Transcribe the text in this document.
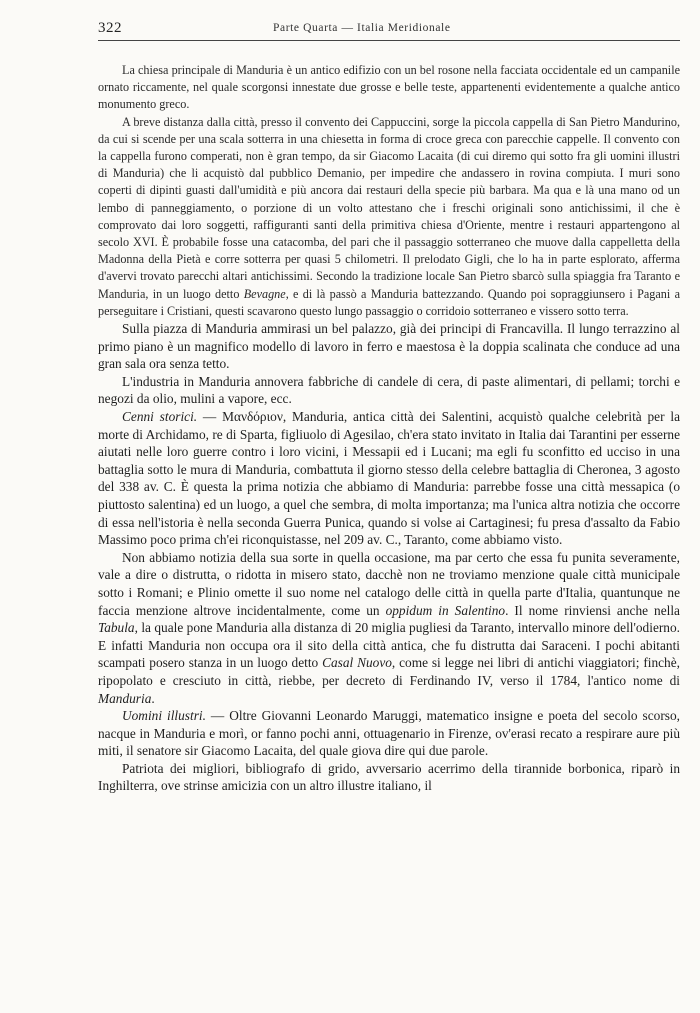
322	Parte Quarta — Italia Meridionale

La chiesa principale di Manduria è un antico edifizio con un bel rosone nella facciata occidentale ed un campanile ornato riccamente, nel quale scorgonsi innestate due grosse e belle teste, appartenenti evidentemente a qualche antico monumento greco.

A breve distanza dalla città, presso il convento dei Cappuccini, sorge la piccola cappella di San Pietro Mandurino, da cui si scende per una scala sotterra in una chiesetta in forma di croce greca con parecchie cappelle. Il convento con la cappella furono comperati, non è gran tempo, da sir Giacomo Lacaita (di cui diremo qui sotto fra gli uomini illustri di Manduria) che li acquistò dal pubblico Demanio, per impedire che andassero in rovina compiuta. I muri sono coperti di dipinti guasti dall'umidità e più ancora dai restauri della specie più barbara. Ma qua e là una mano od un lembo di panneggiamento, o porzione di un volto attestano che i freschi originali sono antichissimi, il che è comprovato dai loro soggetti, raffiguranti santi della primitiva chiesa d'Oriente, mentre i restauri appartengono al secolo XVI. È probabile fosse una catacomba, del pari che il passaggio sotterraneo che muove dalla cappelletta della Madonna della Pietà e corre sotterra per quasi 5 chilometri. Il prelodato Gigli, che lo ha in parte esplorato, afferma d'avervi trovato parecchi altari antichissimi. Secondo la tradizione locale San Pietro sbarcò sulla spiaggia fra Taranto e Manduria, in un luogo detto Bevagne, e di là passò a Manduria battezzando. Quando poi sopraggiunsero i Pagani a perseguitare i Cristiani, questi scavarono questo lungo passaggio o corridoio sotterraneo e vissero sotto terra.

Sulla piazza di Manduria ammirasi un bel palazzo, già dei principi di Francavilla. Il lungo terrazzino al primo piano è un magnifico modello di lavoro in ferro e maestosa è la doppia scalinata che conduce ad una gran sala ora senza tetto.

L'industria in Manduria annovera fabbriche di candele di cera, di paste alimentari, di pellami; torchi e negozi da olio, mulini a vapore, ecc.

Cenni storici. — Μανδόριον, Manduria, antica città dei Salentini, acquistò qualche celebrità per la morte di Archidamo, re di Sparta, figliuolo di Agesilao, ch'era stato invitato in Italia dai Tarantini per esserne aiutati nelle loro guerre contro i loro vicini, i Messapii ed i Lucani; ma egli fu sconfitto ed ucciso in una battaglia sotto le mura di Manduria, combattuta il giorno stesso della celebre battaglia di Cheronea, 3 agosto del 338 av. C. È questa la prima notizia che abbiamo di Manduria: parrebbe fosse una città messapica (o piuttosto salentina) ed un luogo, a quel che sembra, di molta importanza; ma l'unica altra notizia che occorre di essa nell'istoria è nella seconda Guerra Punica, quando si volse ai Cartaginesi; fu presa d'assalto da Fabio Massimo poco prima ch'ei riconquistasse, nel 209 av. C., Taranto, come abbiamo visto.

Non abbiamo notizia della sua sorte in quella occasione, ma par certo che essa fu punita severamente, vale a dire o distrutta, o ridotta in misero stato, dacchè non ne troviamo menzione quale città municipale sotto i Romani; e Plinio omette il suo nome nel catalogo delle città in quella parte d'Italia, quantunque ne faccia menzione altrove incidentalmente, come un oppidum in Salentino. Il nome rinviensi anche nella Tabula, la quale pone Manduria alla distanza di 20 miglia pugliesi da Taranto, intervallo minore dell'odierno. E infatti Manduria non occupa ora il sito della città antica, che fu distrutta dai Saraceni. I pochi abitanti scampati posero stanza in un luogo detto Casal Nuovo, come si legge nei libri di antichi viaggiatori; finchè, ripopolato e cresciuto in città, riebbe, per decreto di Ferdinando IV, verso il 1784, l'antico nome di Manduria.

Uomini illustri. — Oltre Giovanni Leonardo Maruggi, matematico insigne e poeta del secolo scorso, nacque in Manduria e morì, or fanno pochi anni, ottuagenario in Firenze, ov'erasi recato a respirare aure più miti, il senatore sir Giacomo Lacaita, del quale giova dire qui due parole.

Patriota dei migliori, bibliografo di grido, avversario acerrimo della tirannide borbonica, riparò in Inghilterra, ove strinse amicizia con un altro illustre italiano, il
